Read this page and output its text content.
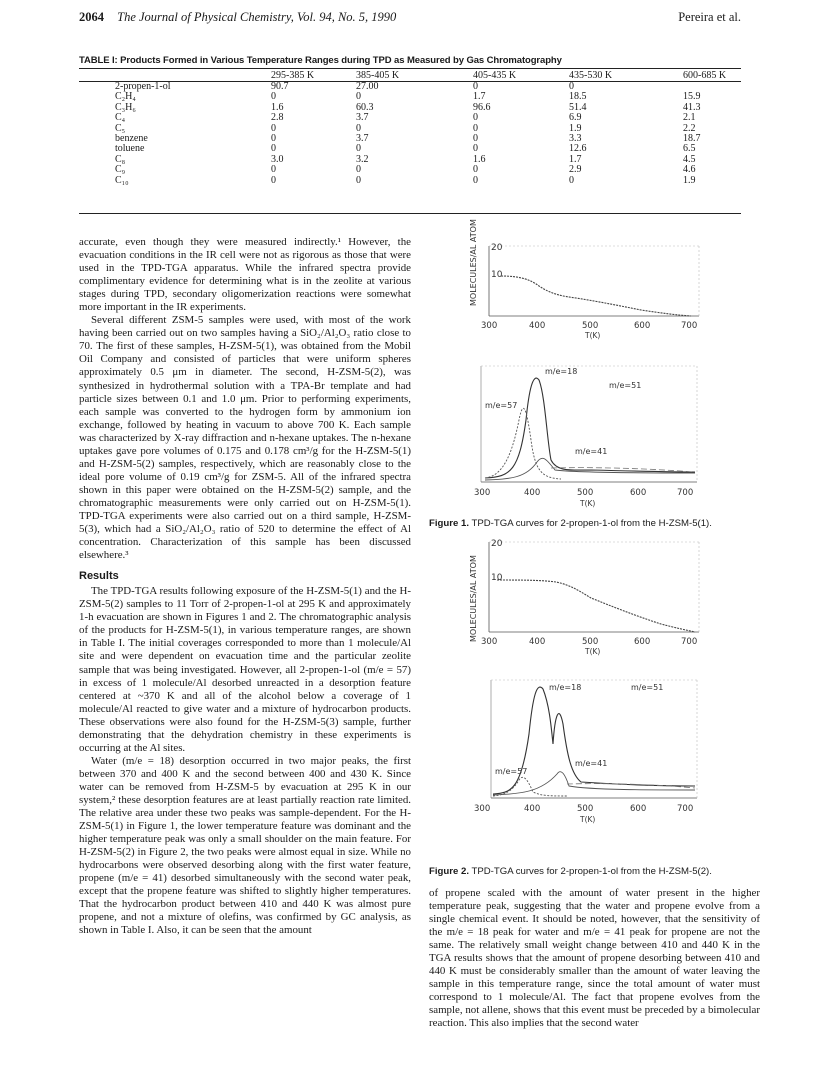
2064 The Journal of Physical Chemistry, Vol. 94, No. 5, 1990	Pereira et al.
TABLE I: Products Formed in Various Temperature Ranges during TPD as Measured by Gas Chromatography
	295-385 K	385-405 K	405-435 K	435-530 K	600-685 K
2-propen-1-ol	90.7	27.00	0	0	
C₂H₄	0	0	1.7	18.5	15.9
C₃H₆	1.6	60.3	96.6	51.4	41.3
C₄	2.8	3.7	0	6.9	2.1
C₅	0	0	0	1.9	2.2
benzene	0	3.7	0	3.3	18.7
toluene	0	0	0	12.6	6.5
C₈	3.0	3.2	1.6	1.7	4.5
C₉	0	0	0	2.9	4.6
C₁₀	0	0	0	0	1.9

accurate, even though they were measured indirectly.¹ However, the evacuation conditions in the IR cell were not as rigorous as those that were used in the TPD-TGA apparatus. While the infrared spectra provide complimentary evidence for determining what is in the zeolite at various stages during TPD, secondary oligomerization reactions were somewhat more important in the IR experiments.

Several different ZSM-5 samples were used, with most of the work having been carried out on two samples having a SiO₂/Al₂O₃ ratio close to 70. The first of these samples, H-ZSM-5(1), was obtained from the Mobil Oil Company and consisted of particles that were uniform spheres approximately 0.5 μm in diameter. The second, H-ZSM-5(2), was synthesized in hydrothermal solution with a TPA-Br template and had particle sizes between 0.1 and 1.0 μm. Prior to performing experiments, each sample was converted to the hydrogen form by ammonium ion exchange, followed by heating in vacuum to above 700 K. Each sample was characterized by X-ray diffraction and n-hexane uptakes. The n-hexane uptakes gave pore volumes of 0.175 and 0.178 cm³/g for the H-ZSM-5(1) and H-ZSM-5(2) samples, respectively, which are reasonably close to the ideal pore volume of 0.19 cm³/g for ZSM-5. All of the infrared spectra shown in this paper were obtained on the H-ZSM-5(2) sample, and the chromatographic measurements were only carried out on H-ZSM-5(1). TPD-TGA experiments were also carried out on a third sample, H-ZSM-5(3), which had a SiO₂/Al₂O₃ ratio of 520 to determine the effect of Al concentration. Characterization of this sample has been discussed elsewhere.³

Results

The TPD-TGA results following exposure of the H-ZSM-5(1) and the H-ZSM-5(2) samples to 11 Torr of 2-propen-1-ol at 295 K and approximately 1-h evacuation are shown in Figures 1 and 2. The chromatographic analysis of the products for H-ZSM-5(1), in various temperature ranges, are shown in Table I. The initial coverages corresponded to more than 1 molecule/Al site and were dependent on evacuation time and the particular zeolite sample that was being investigated. However, all 2-propen-1-ol (m/e = 57) in excess of 1 molecule/Al desorbed unreacted in a desorption feature centered at ~370 K and all of the alcohol below a coverage of 1 molecule/Al reacted to give water and a mixture of hydrocarbon products. These observations were also found for the H-ZSM-5(3) sample, further demonstrating that the dehydration chemistry in these experiments is occurring at the Al sites.

Water (m/e = 18) desorption occurred in two major peaks, the first between 370 and 400 K and the second between 400 and 430 K. Since water can be removed from H-ZSM-5 by evacuation at 295 K in our system,² these desorption features are at least partially reaction rate limited. The relative area under these two peaks was sample-dependent. For the H-ZSM-5(1) in Figure 1, the lower temperature feature was dominant and the higher temperature peak was only a small shoulder on the main feature. For H-ZSM-5(2) in Figure 2, the two peaks were almost equal in size. While no hydrocarbons were observed desorbing along with the first water feature, propene (m/e = 41) desorbed simultaneously with the second water peak, except that the propene feature was shifted to slightly higher temperatures. That the hydrocarbon product between 410 and 440 K was almost pure propene, and not a mixture of olefins, was confirmed by GC analysis, as shown in Table I. Also, it can be seen that the amount

MOLECULES/AL ATOM 20
10
300	400	500	600	700
T(K)
m/e=18
m/e=51
m/e=57
m/e=41
300	400	500	600	700
T(K)
Figure 1. TPD-TGA curves for 2-propen-1-ol from the H-ZSM-5(1).
MOLECULES/AL ATOM
20
10
300	400	500	600	700
T(K)
m/e=18	m/e=51
m/e=57
m/e=41
300	400	500	600	700
T(K)
Figure 2. TPD-TGA curves for 2-propen-1-ol from the H-ZSM-5(2).

of propene scaled with the amount of water present in the higher temperature peak, suggesting that the water and propene evolve from a single chemical event. It should be noted, however, that the sensitivity of the m/e = 18 peak for water and m/e = 41 peak for propene are not the same. The relatively small weight change between 410 and 440 K in the TGA results shows that the amount of propene desorbing between 410 and 440 K must be considerably smaller than the amount of water leaving the sample in this temperature range, since the total amount of water must correspond to 1 molecule/Al. The fact that propene evolves from the sample, not allene, shows that this event must be preceded by a bimolecular reaction. This also implies that the second water
